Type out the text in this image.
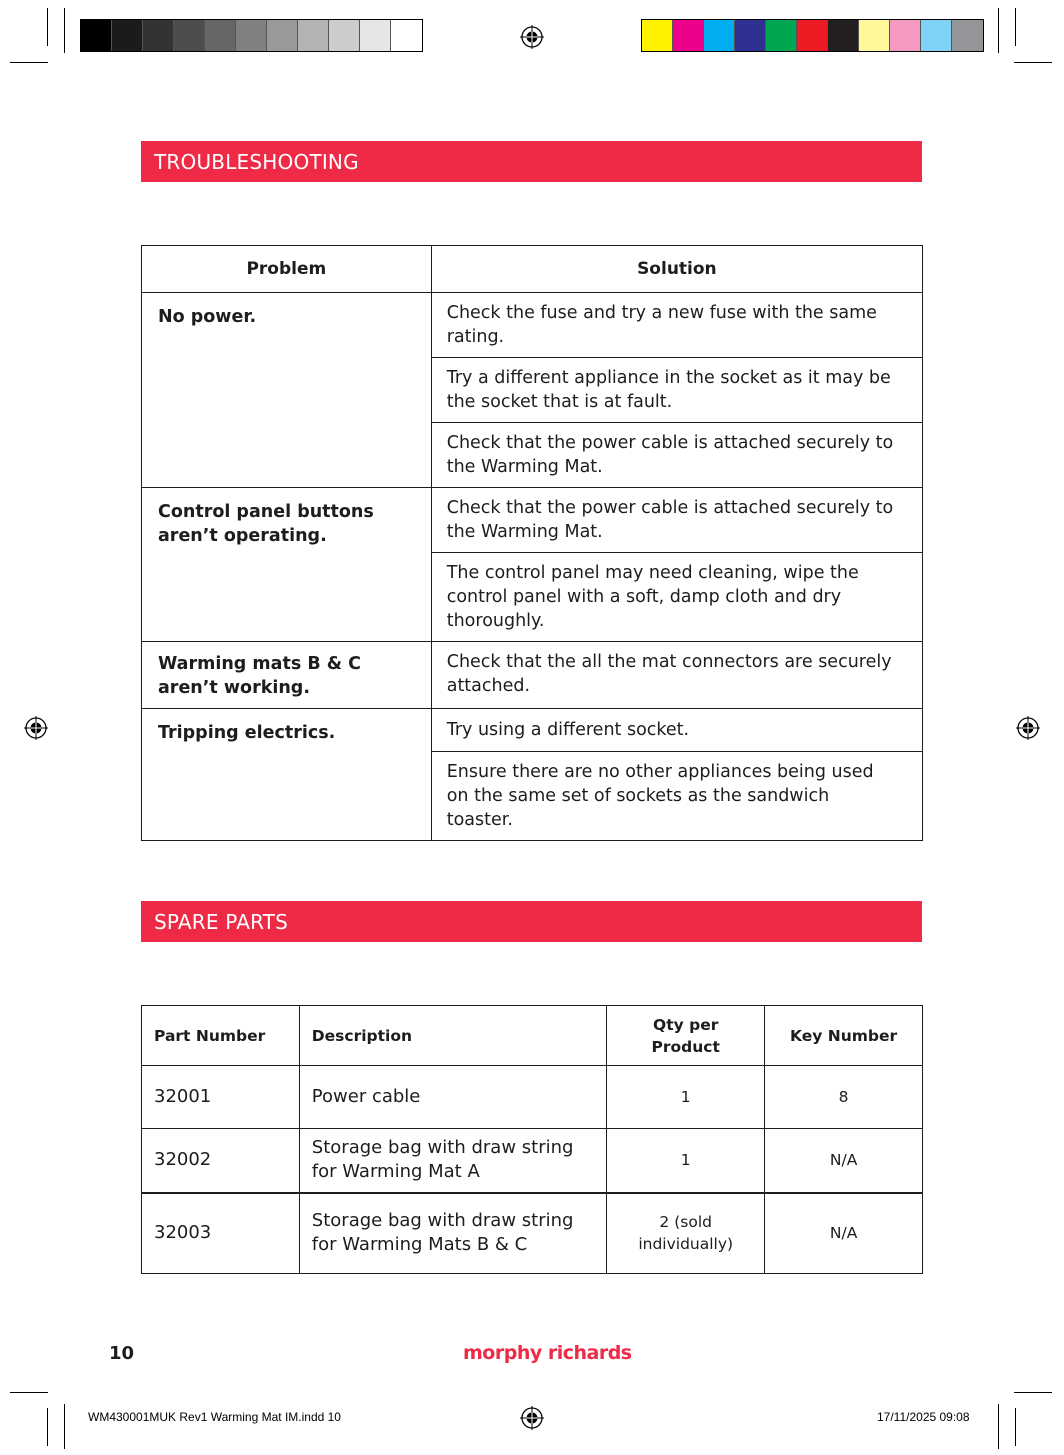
TROUBLESHOOTING
Problem	Solution
No power.	Check the fuse and try a new fuse with the same rating.
	Try a different appliance in the socket as it may be the socket that is at fault.
	Check that the power cable is attached securely to the Warming Mat.
Control panel buttons aren’t operating.	Check that the power cable is attached securely to the Warming Mat.
	The control panel may need cleaning, wipe the control panel with a soft, damp cloth and dry thoroughly.
Warming mats B & C aren’t working.	Check that the all the mat connectors are securely attached.
Tripping electrics.	Try using a different socket.
	Ensure there are no other appliances being used on the same set of sockets as the sandwich toaster.
SPARE PARTS
Part Number	Description	Qty per Product	Key Number
32001	Power cable	1	8
32002	Storage bag with draw string for Warming Mat A	1	N/A
32003	Storage bag with draw string for Warming Mats B & C	2 (sold individually)	N/A
10	morphy richards
WM430001MUK Rev1 Warming Mat IM.indd 10	17/11/2025 09:08
